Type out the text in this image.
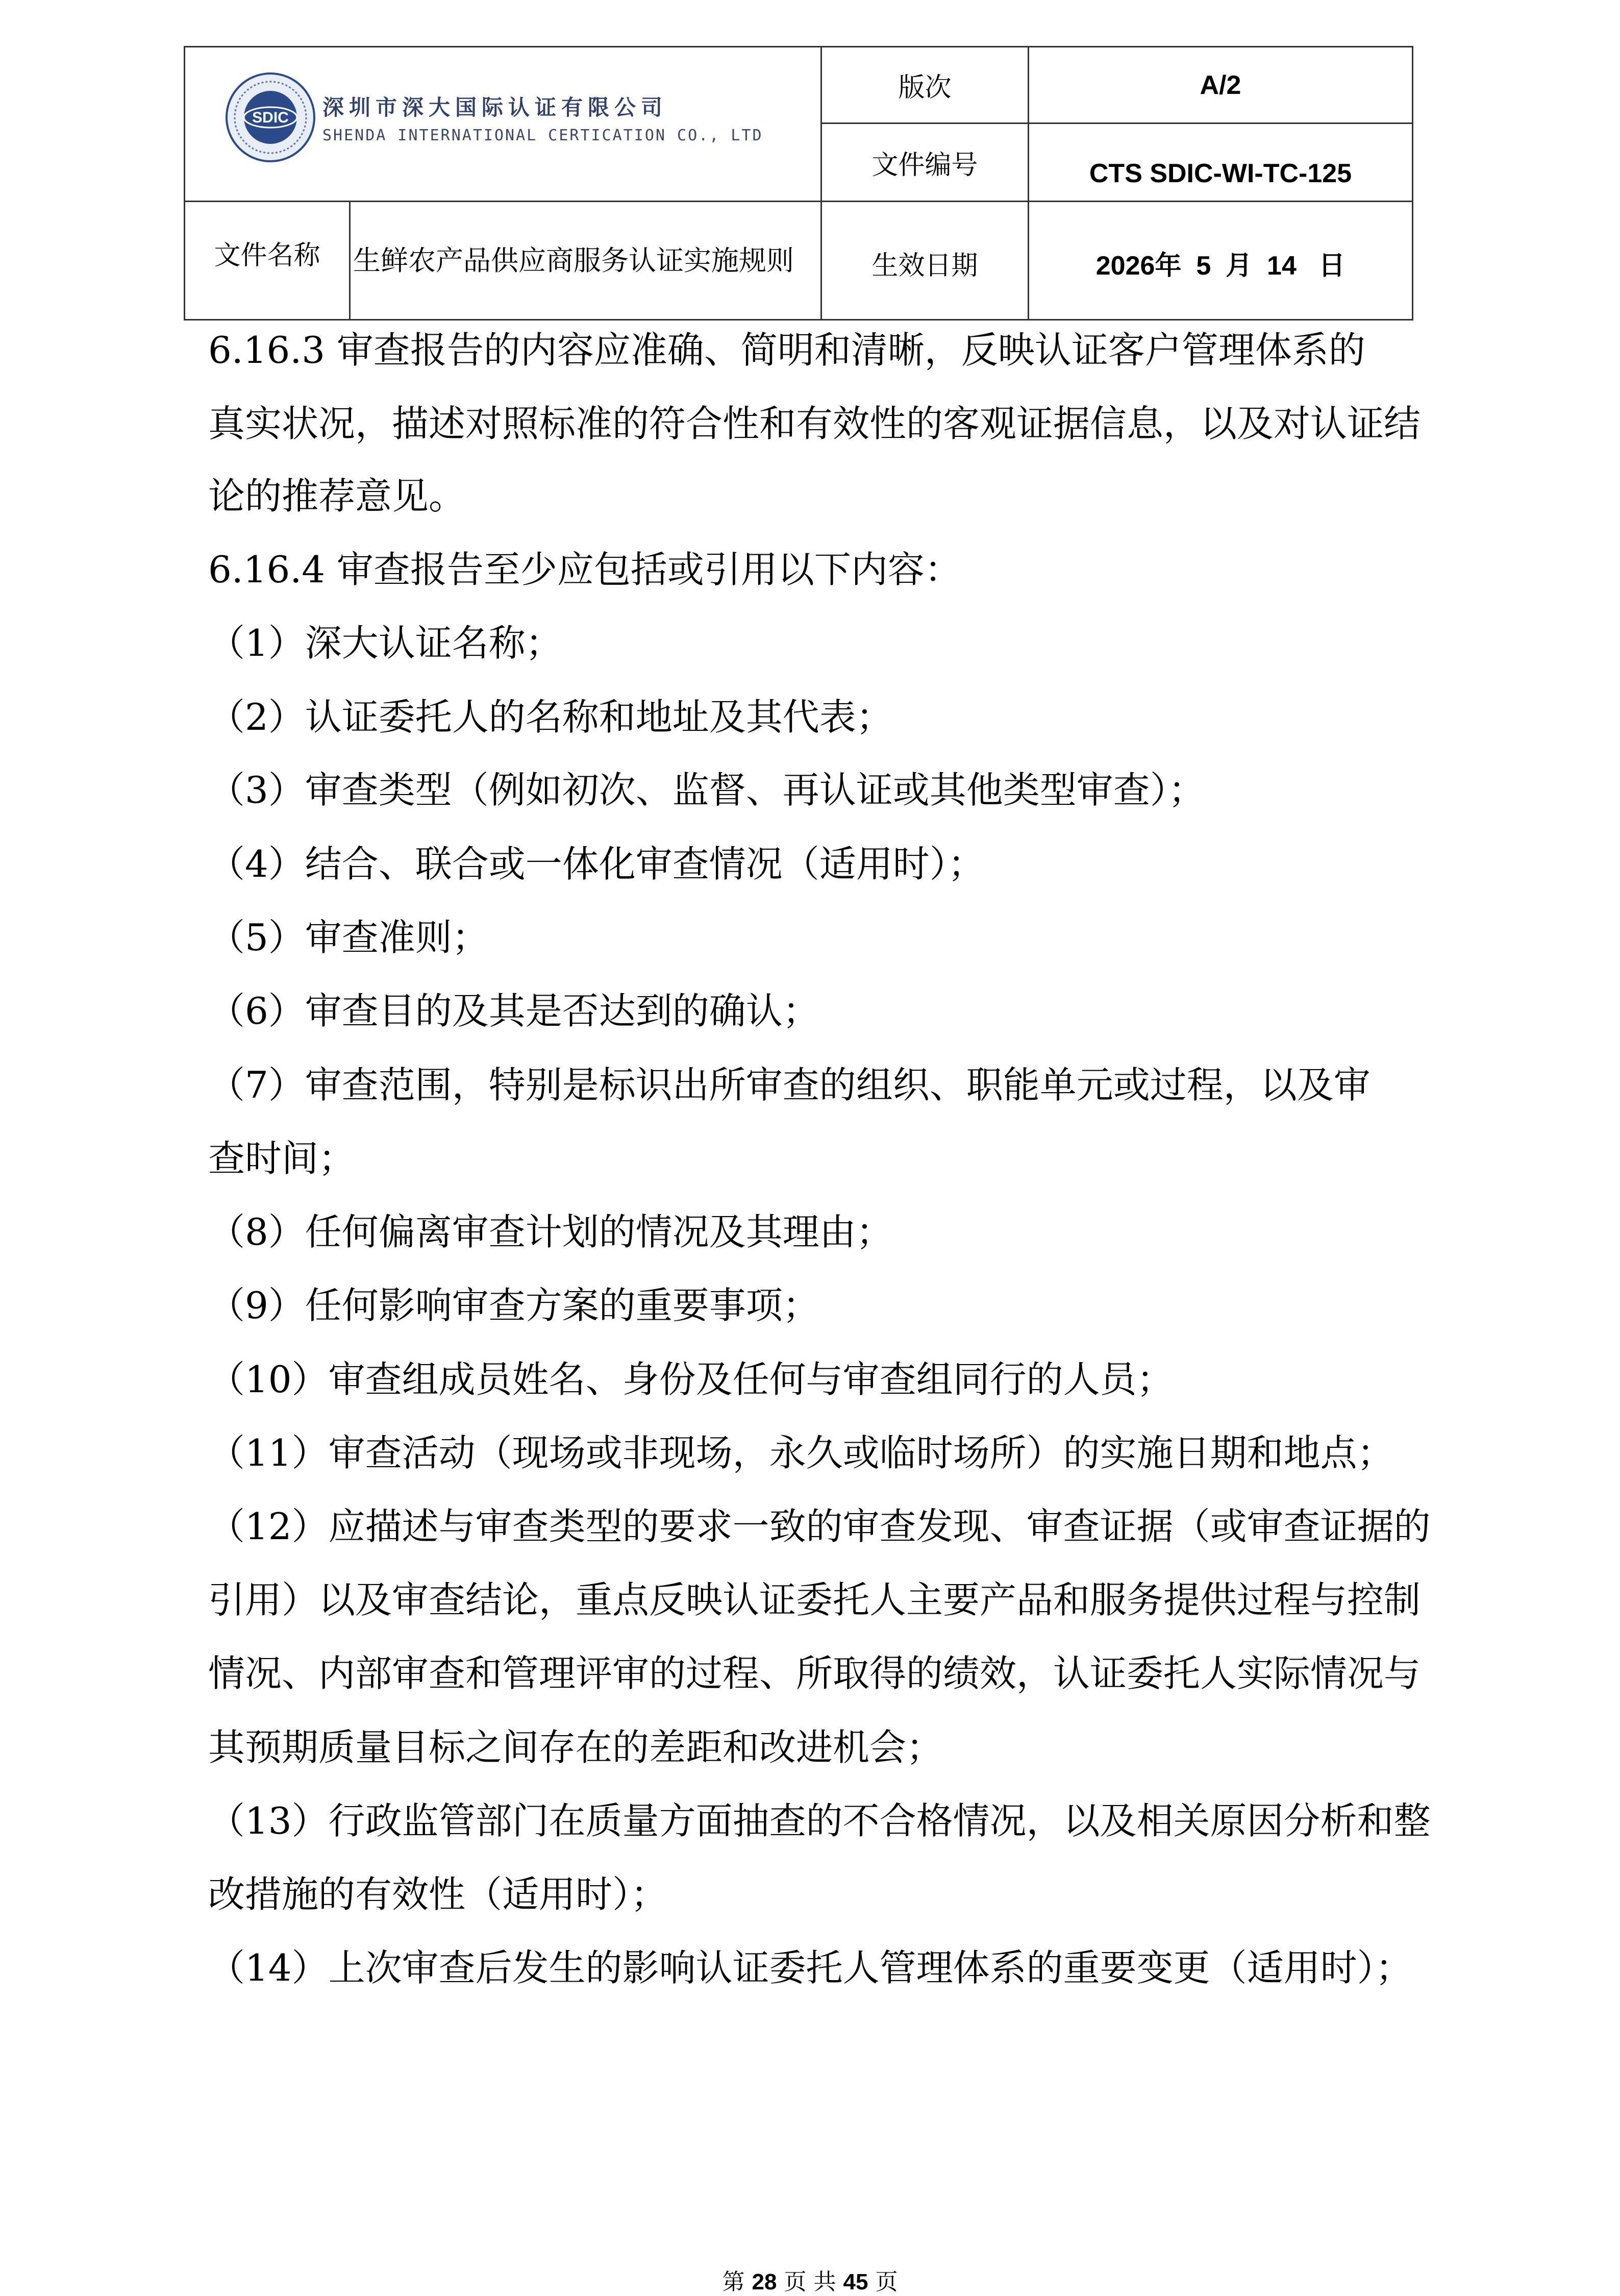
SDIC 深圳市深大国际认证有限公司
SHENDA INTERNATIONAL CERTICATION CO., LTD
版次	A/2
文件编号	CTS SDIC-WI-TC-125
文件名称	生鲜农产品供应商服务认证实施规则	生效日期	2026年  5  月  14   日
6.16.3 审查报告的内容应准确、简明和清晰，反映认证客户管理体系的
真实状况，描述对照标准的符合性和有效性的客观证据信息，以及对认证结
论的推荐意见。
6.16.4 审查报告至少应包括或引用以下内容：
（1）深大认证名称；
（2）认证委托人的名称和地址及其代表；
（3）审查类型（例如初次、监督、再认证或其他类型审查）；
（4）结合、联合或一体化审查情况（适用时）；
（5）审查准则；
（6）审查目的及其是否达到的确认；
（7）审查范围，特别是标识出所审查的组织、职能单元或过程，以及审
查时间；
（8）任何偏离审查计划的情况及其理由；
（9）任何影响审查方案的重要事项；
（10）审查组成员姓名、身份及任何与审查组同行的人员；
（11）审查活动（现场或非现场，永久或临时场所）的实施日期和地点；
（12）应描述与审查类型的要求一致的审查发现、审查证据（或审查证据的
引用）以及审查结论，重点反映认证委托人主要产品和服务提供过程与控制
情况、内部审查和管理评审的过程、所取得的绩效，认证委托人实际情况与
其预期质量目标之间存在的差距和改进机会；
（13）行政监管部门在质量方面抽查的不合格情况，以及相关原因分析和整
改措施的有效性（适用时）；
（14）上次审查后发生的影响认证委托人管理体系的重要变更（适用时）；
第 28 页 共 45 页
